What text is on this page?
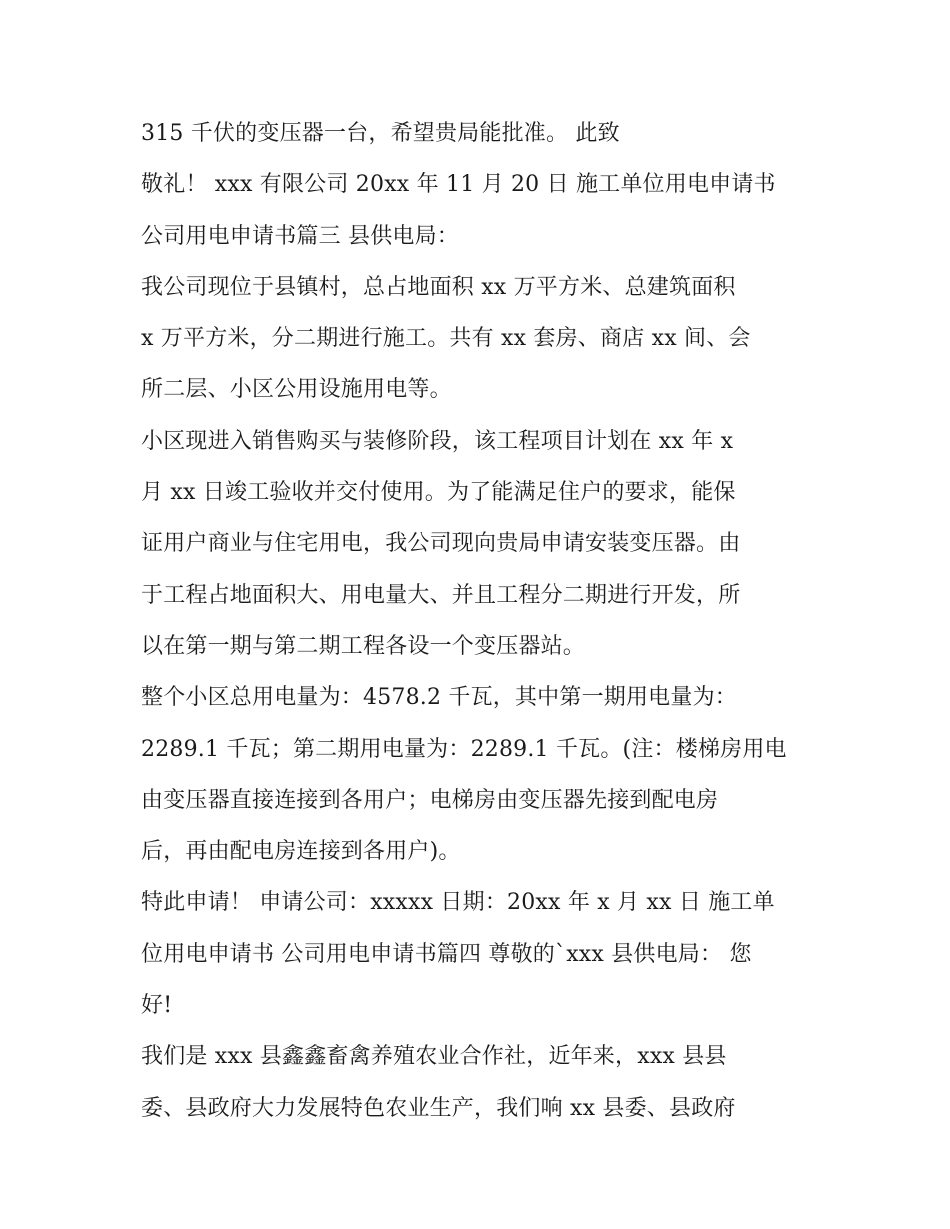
315 千伏的变压器一台，希望贵局能批准。 此致
敬礼！ xxx 有限公司 20xx 年 11 月 20 日 施工单位用电申请书
公司用电申请书篇三 县供电局：
我公司现位于县镇村，总占地面积 xx 万平方米、总建筑面积
x 万平方米，分二期进行施工。共有 xx 套房、商店 xx 间、会
所二层、小区公用设施用电等。
小区现进入销售购买与装修阶段，该工程项目计划在 xx 年 x
月 xx 日竣工验收并交付使用。为了能满足住户的要求，能保
证用户商业与住宅用电，我公司现向贵局申请安装变压器。由
于工程占地面积大、用电量大、并且工程分二期进行开发，所
以在第一期与第二期工程各设一个变压器站。
整个小区总用电量为：4578.2 千瓦，其中第一期用电量为：
2289.1 千瓦；第二期用电量为：2289.1 千瓦。(注：楼梯房用电
由变压器直接连接到各用户；电梯房由变压器先接到配电房
后，再由配电房连接到各用户)。
特此申请！ 申请公司：xxxxx 日期：20xx 年 x 月 xx 日 施工单
位用电申请书 公司用电申请书篇四 尊敬的`xxx 县供电局： 您
好!
我们是 xxx 县鑫鑫畜禽养殖农业合作社，近年来，xxx 县县
委、县政府大力发展特色农业生产，我们响 xx 县委、县政府
